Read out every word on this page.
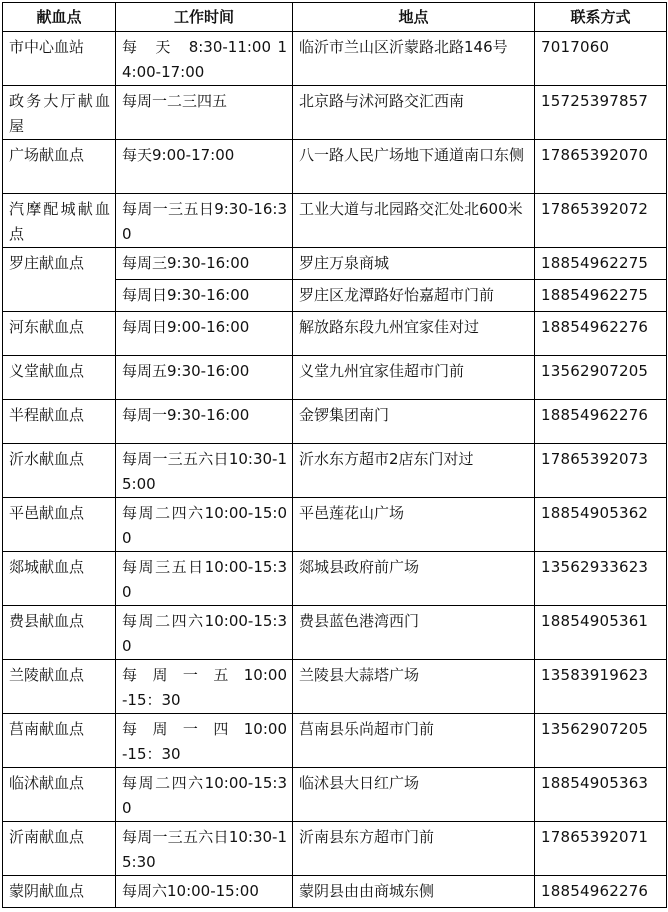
献血点	工作时间	地点	联系方式
市中心血站	每　天　8:30-11:00 14:00-17:00	临沂市兰山区沂蒙路北路146号	7017060
政务大厅献血屋	每周一二三四五	北京路与沭河路交汇西南	15725397857
广场献血点	每天9:00-17:00	八一路人民广场地下通道南口东侧	17865392070
汽摩配城献血点	每周一三五日9:30-16:30	工业大道与北园路交汇处北600米	17865392072
罗庄献血点	每周三9:30-16:00	罗庄万泉商城	18854962275
	每周日9:30-16:00	罗庄区龙潭路好怡嘉超市门前	18854962275
河东献血点	每周日9:00-16:00	解放路东段九州宜家佳对过	18854962276
义堂献血点	每周五9:30-16:00	义堂九州宜家佳超市门前	13562907205
半程献血点	每周一9:30-16:00	金锣集团南门	18854962276
沂水献血点	每周一三五六日10:30-15:00	沂水东方超市2店东门对过	17865392073
平邑献血点	每周二四六10:00-15:00	平邑莲花山广场	18854905362
郯城献血点	每周三五日10:00-15:30	郯城县政府前广场	13562933623
费县献血点	每周二四六10:00-15:30	费县蓝色港湾西门	18854905361
兰陵献血点	每　周　一　五　10:00-15：30	兰陵县大蒜塔广场	13583919623
莒南献血点	每　周　一　四　10:00-15：30	莒南县乐尚超市门前	13562907205
临沭献血点	每周二四六10:00-15:30	临沭县大日红广场	18854905363
沂南献血点	每周一三五六日10:30-15:30	沂南县东方超市门前	17865392071
蒙阴献血点	每周六10:00-15:00	蒙阴县由由商城东侧	18854962276
